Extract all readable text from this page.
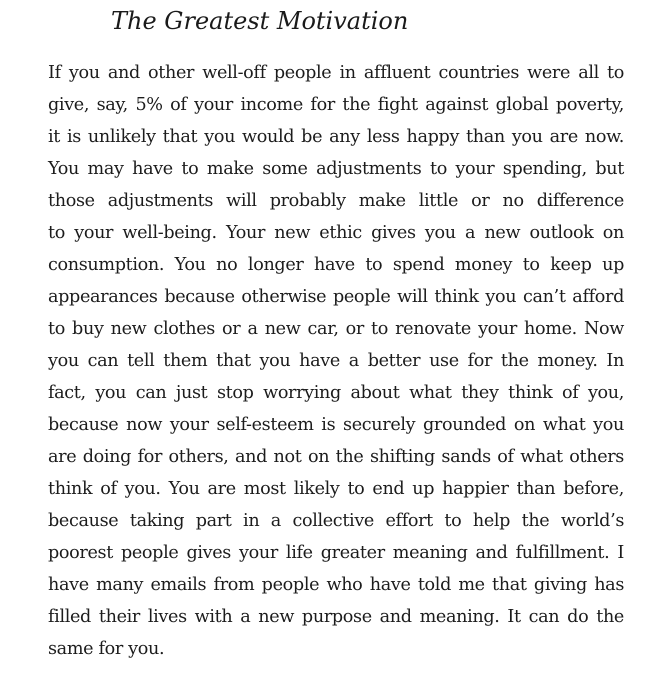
The Greatest Motivation
If you and other well-off people in affluent countries were all to
give, say, 5% of your income for the fight against global poverty,
it is unlikely that you would be any less happy than you are now.
You may have to make some adjustments to your spending, but
those adjustments will probably make little or no difference
to your well-being. Your new ethic gives you a new outlook on
consumption. You no longer have to spend money to keep up
appearances because otherwise people will think you can’t afford
to buy new clothes or a new car, or to renovate your home. Now
you can tell them that you have a better use for the money. In
fact, you can just stop worrying about what they think of you,
because now your self-esteem is securely grounded on what you
are doing for others, and not on the shifting sands of what others
think of you. You are most likely to end up happier than before,
because taking part in a collective effort to help the world’s
poorest people gives your life greater meaning and fulfillment. I
have many emails from people who have told me that giving has
filled their lives with a new purpose and meaning. It can do the
same for you.
